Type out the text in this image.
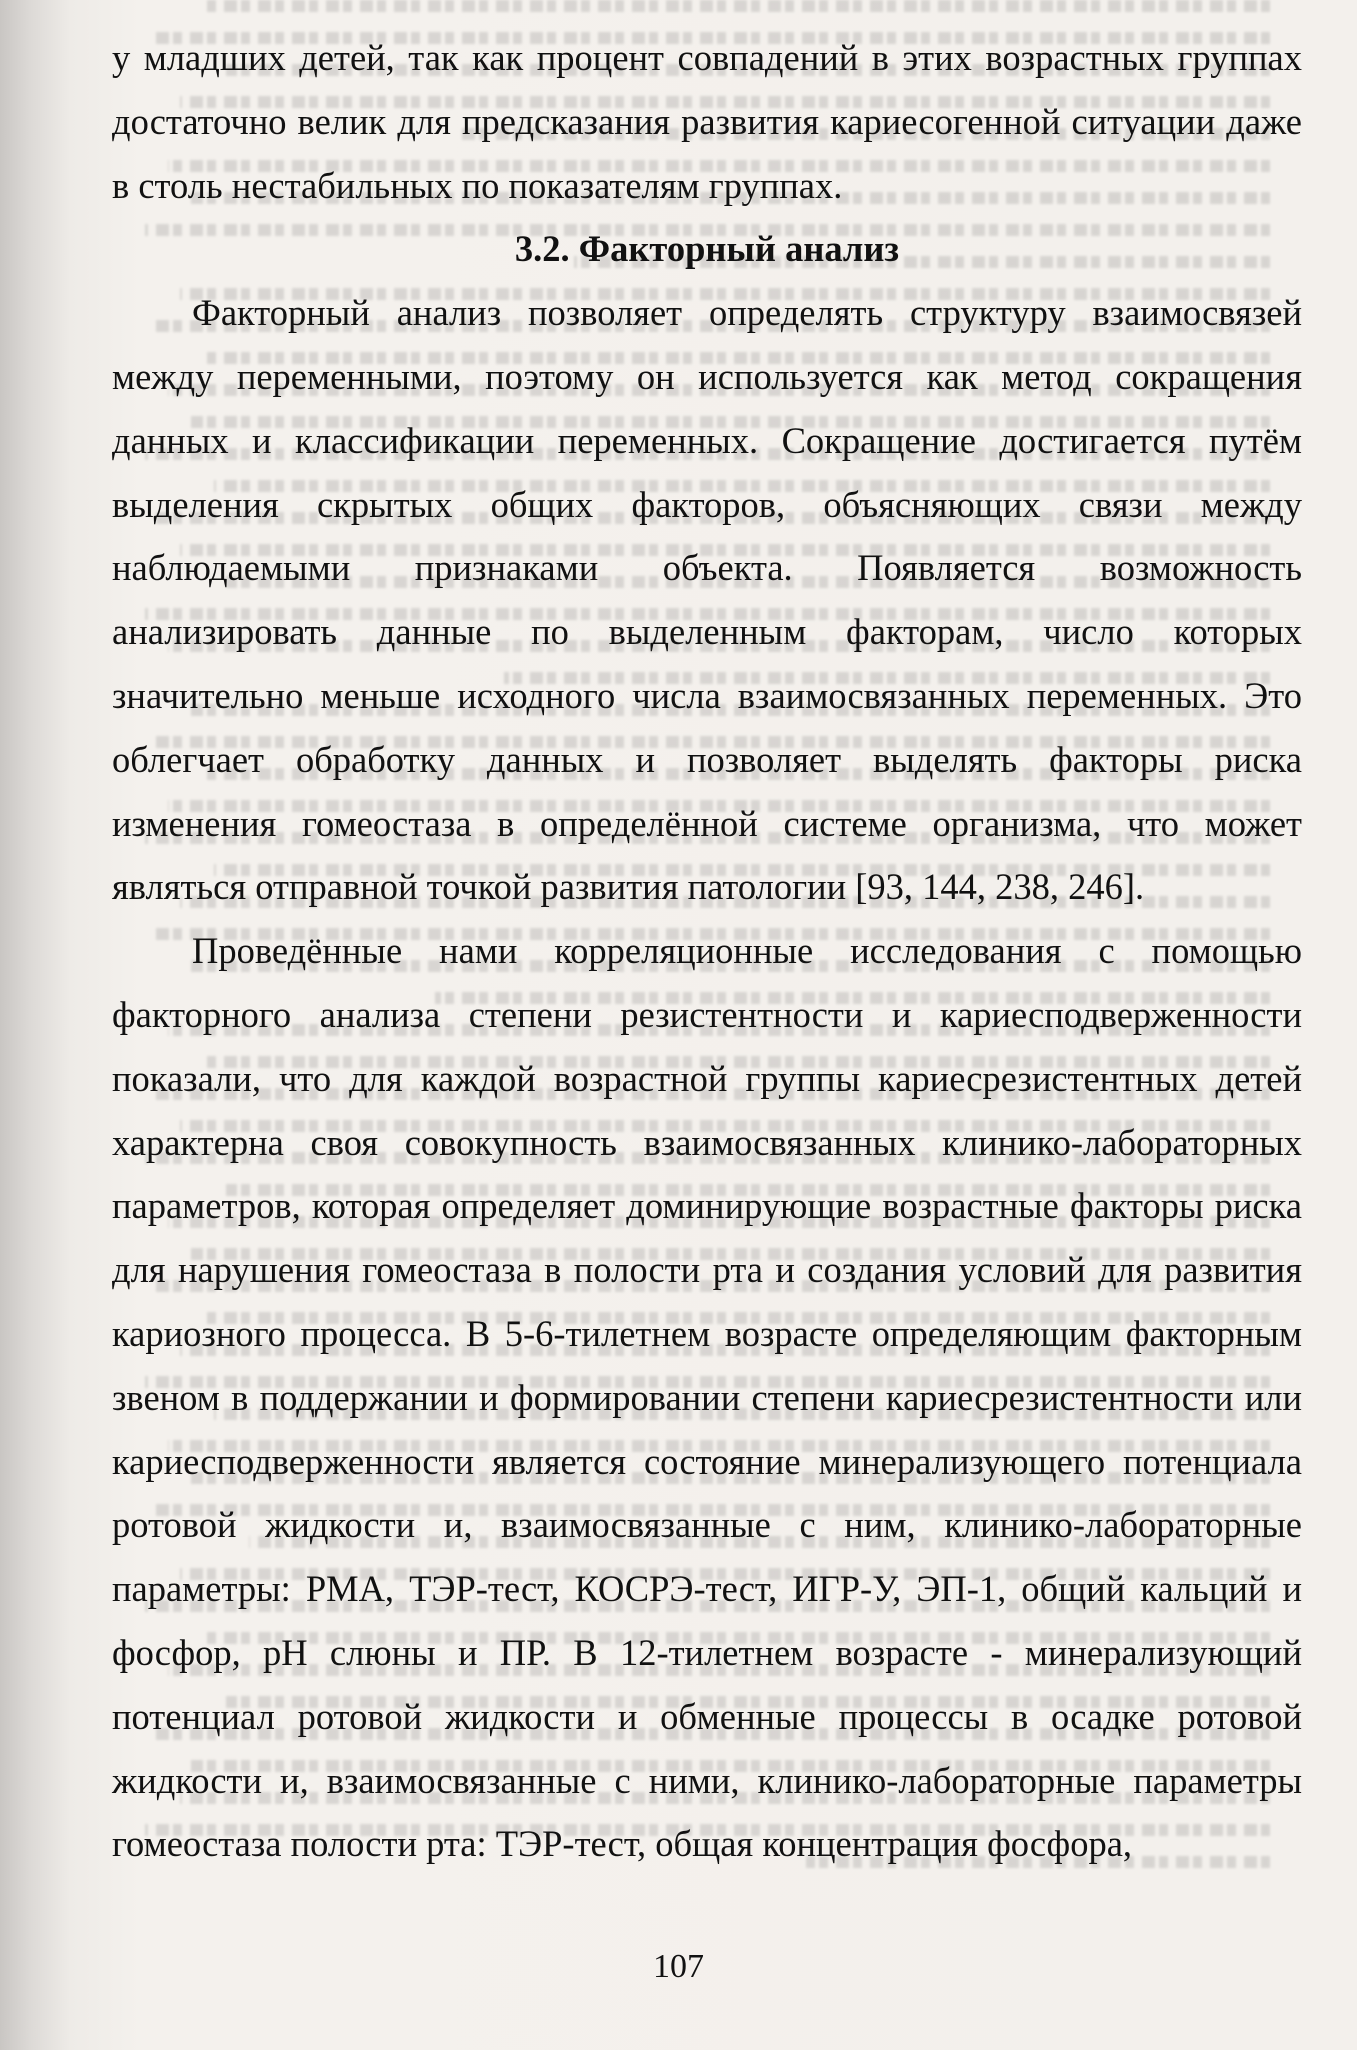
у младших детей, так как процент совпадений в этих возрастных группах достаточно велик для предсказания развития кариесогенной ситуации даже в столь нестабильных по показателям группах.

3.2. Факторный анализ

Факторный анализ позволяет определять структуру взаимосвязей между переменными, поэтому он используется как метод сокращения данных и классификации переменных. Сокращение достигается путём выделения скрытых общих факторов, объясняющих связи между наблюдаемыми признаками объекта. Появляется возможность анализировать данные по выделенным факторам, число которых значительно меньше исходного числа взаимосвязанных переменных. Это облегчает обработку данных и позволяет выделять факторы риска изменения гомеостаза в определённой системе организма, что может являться отправной точкой развития патологии [93, 144, 238, 246].

Проведённые нами корреляционные исследования с помощью факторного анализа степени резистентности и кариесподверженности показали, что для каждой возрастной группы кариесрезистентных детей характерна своя совокупность взаимосвязанных клинико-лабораторных параметров, которая определяет доминирующие возрастные факторы риска для нарушения гомеостаза в полости рта и создания условий для развития кариозного процесса. В 5-6-тилетнем возрасте определяющим факторным звеном в поддержании и формировании степени кариесрезистентности или кариесподверженности является состояние минерализующего потенциала ротовой жидкости и, взаимосвязанные с ним, клинико-лабораторные параметры: РМА, ТЭР-тест, КОСРЭ-тест, ИГР-У, ЭП-1, общий кальций и фосфор, рН слюны и ПР. В 12-тилетнем возрасте - минерализующий потенциал ротовой жидкости и обменные процессы в осадке ротовой жидкости и, взаимосвязанные с ними, клинико-лабораторные параметры гомеостаза полости рта: ТЭР-тест, общая концентрация фосфора,

107
